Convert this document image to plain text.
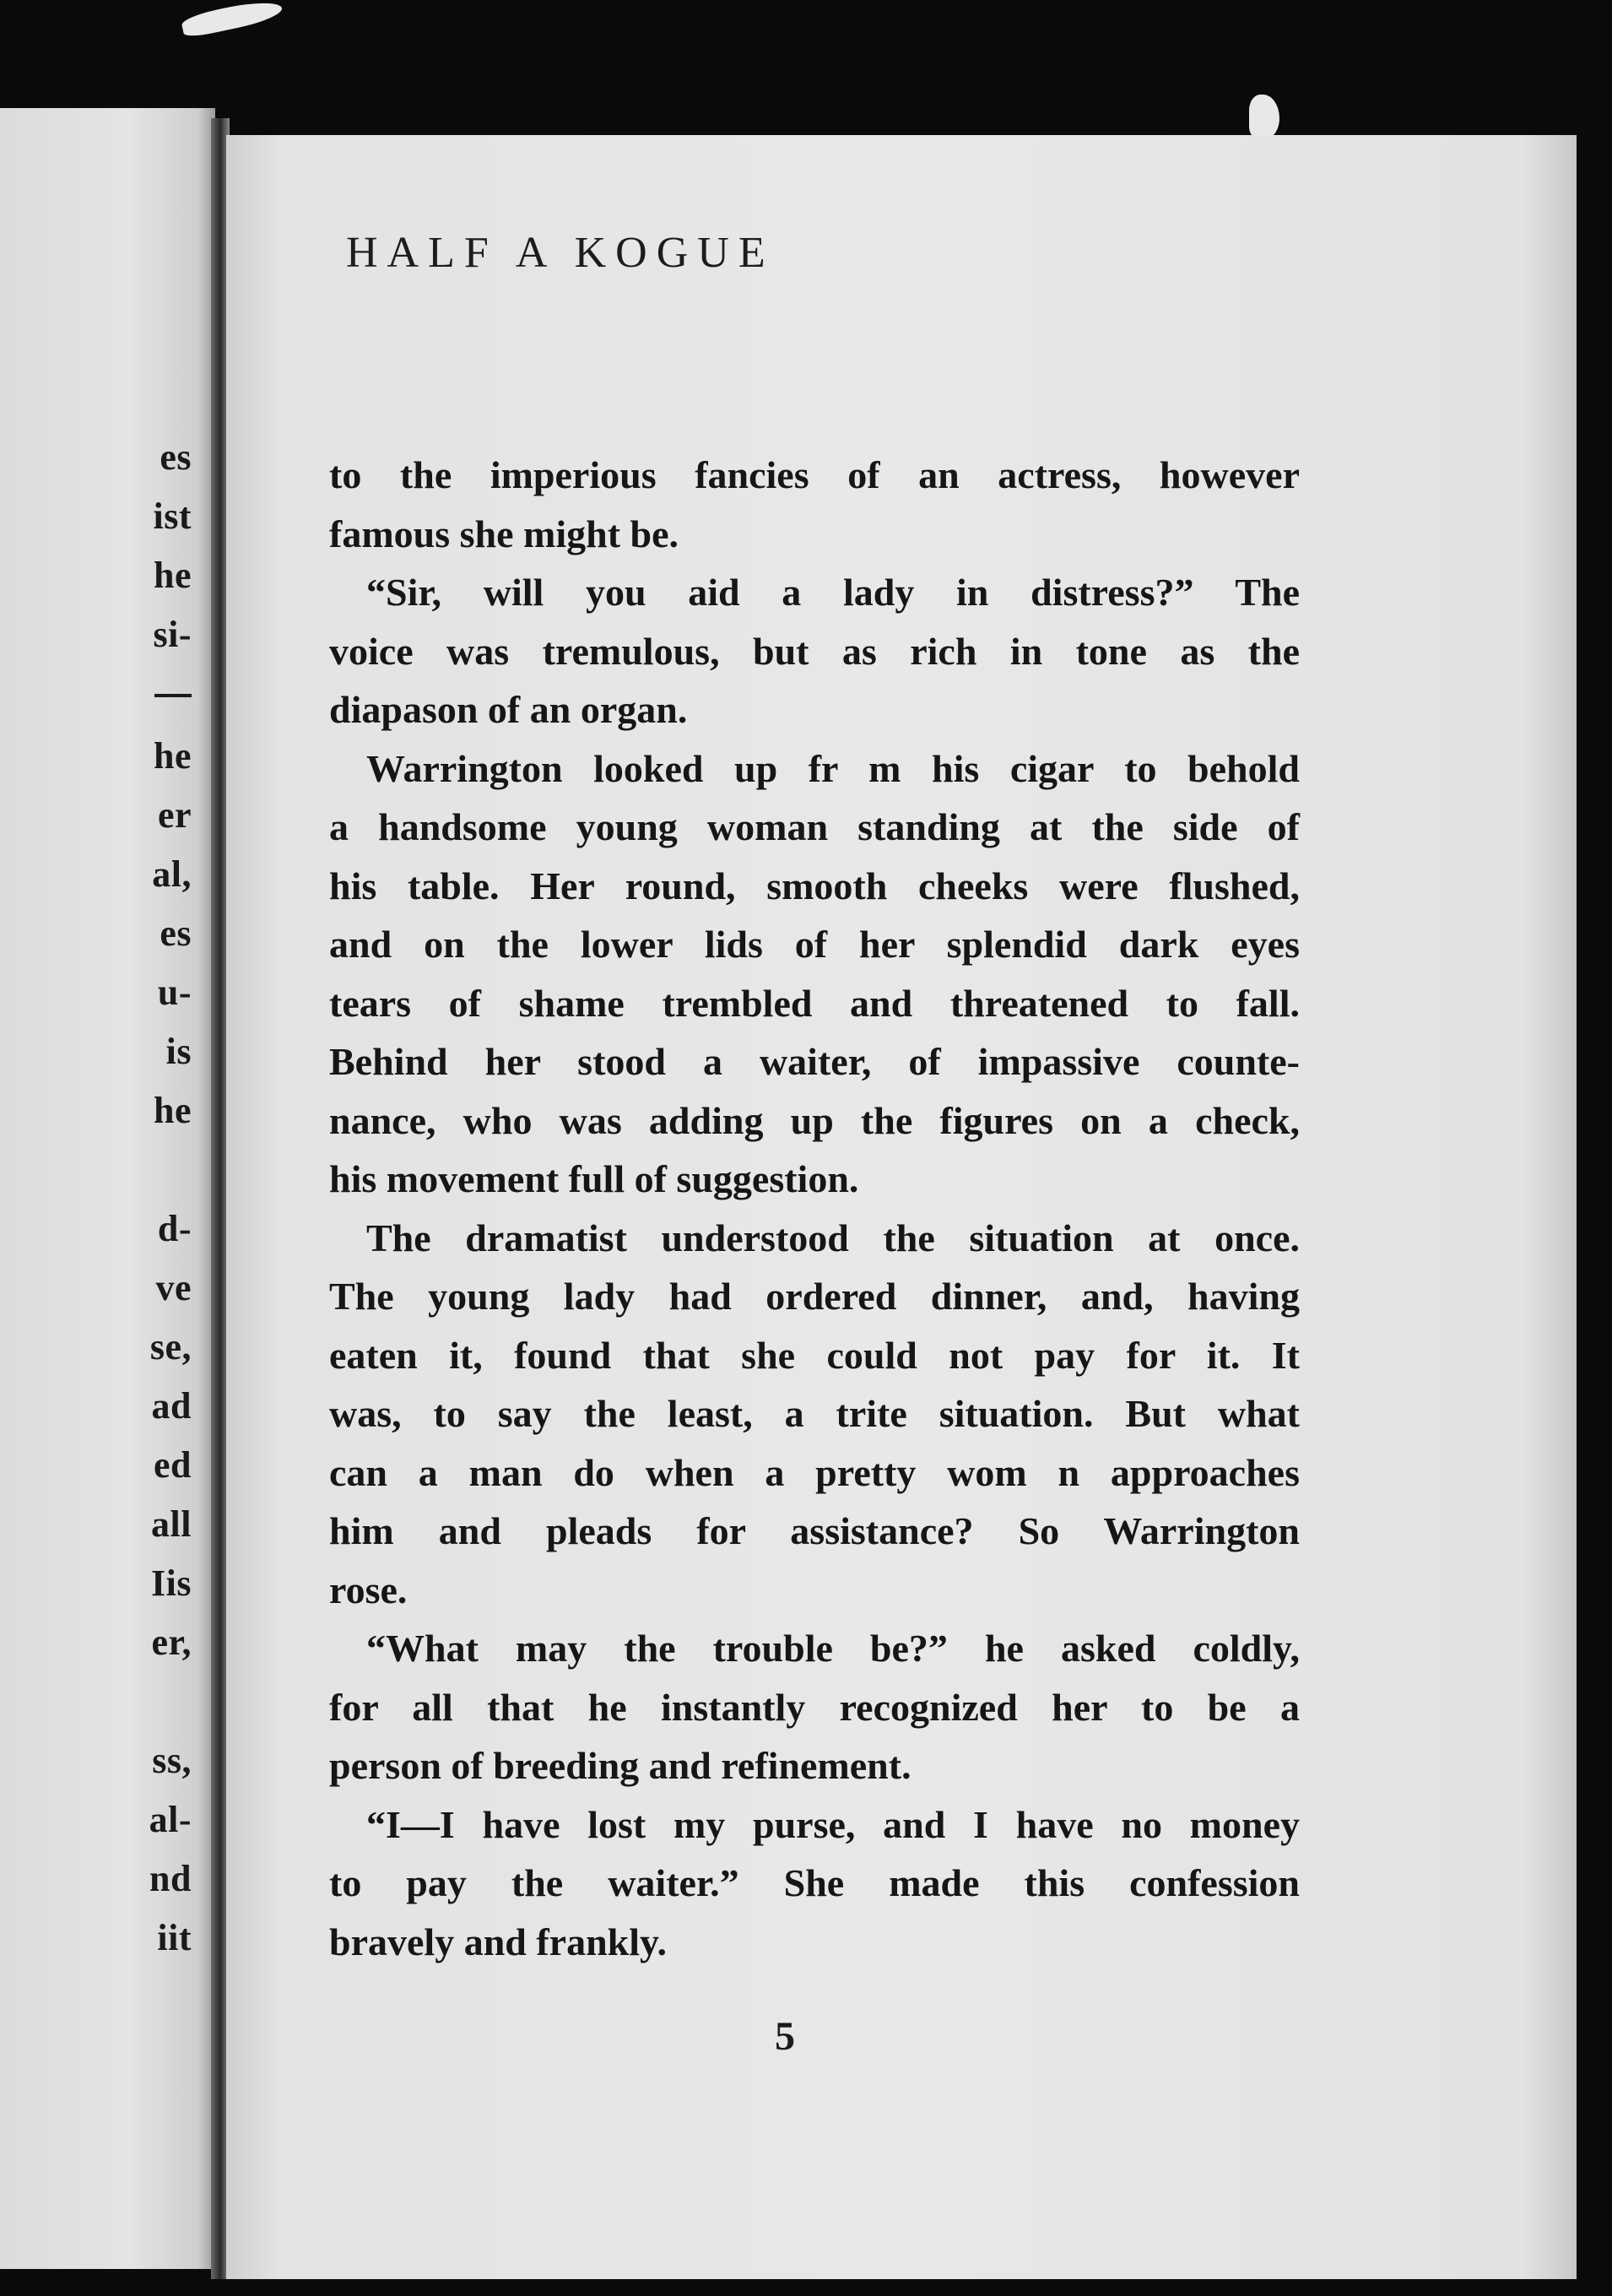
es
ist
he
si-
he
er
al,
es
u-
is
he
d-
ve
se,
ad
ed
all
Iis
er,
ss,
al-
nd
iit
HALF A KOGUE
to the imperious fancies of an actress, however
famous she might be.
“Sir, will you aid a lady in distress?” The
voice was tremulous, but as rich in tone as the
diapason of an organ.
Warrington looked up fr m his cigar to behold
a handsome young woman standing at the side of
his table. Her round, smooth cheeks were flushed,
and on the lower lids of her splendid dark eyes
tears of shame trembled and threatened to fall.
Behind her stood a waiter, of impassive counte-
nance, who was adding up the figures on a check,
his movement full of suggestion.
The dramatist understood the situation at once.
The young lady had ordered dinner, and, having
eaten it, found that she could not pay for it. It
was, to say the least, a trite situation. But what
can a man do when a pretty wom n approaches
him and pleads for assistance? So Warrington
rose.
“What may the trouble be?” he asked coldly,
for all that he instantly recognized her to be a
person of breeding and refinement.
“I—I have lost my purse, and I have no money
to pay the waiter.” She made this confession
bravely and frankly.
5
